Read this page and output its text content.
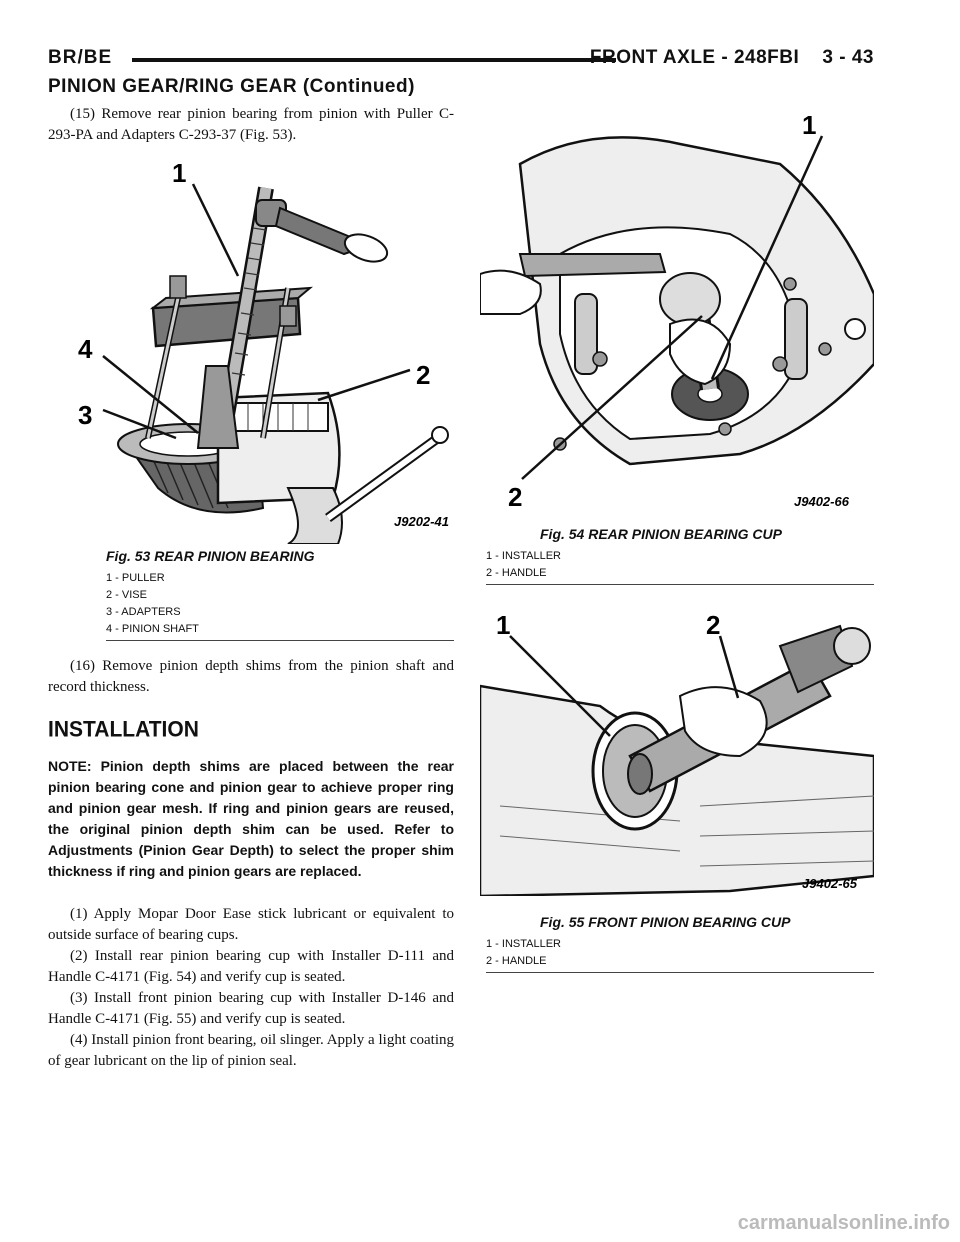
BR/BE	FRONT AXLE - 248FBI    3 - 43
PINION GEAR/RING GEAR (Continued)

(15) Remove rear pinion bearing from pinion with Puller C-293-PA and Adapters C-293-37 (Fig. 53).

1
2
3
4
J9202-41
Fig. 53 REAR PINION BEARING
1 - PULLER
2 - VISE
3 - ADAPTERS
4 - PINION SHAFT

(16) Remove pinion depth shims from the pinion shaft and record thickness.

INSTALLATION
NOTE: Pinion depth shims are placed between the rear pinion bearing cone and pinion gear to achieve proper ring and pinion gear mesh. If ring and pinion gears are reused, the original pinion depth shim can be used. Refer to Adjustments (Pinion Gear Depth) to select the proper shim thickness if ring and pinion gears are replaced.

(1) Apply Mopar Door Ease stick lubricant or equivalent to outside surface of bearing cups.

(2) Install rear pinion bearing cup with Installer D-111 and Handle C-4171 (Fig. 54) and verify cup is seated.

(3) Install front pinion bearing cup with Installer D-146 and Handle C-4171 (Fig. 55) and verify cup is seated.

(4) Install pinion front bearing, oil slinger. Apply a light coating of gear lubricant on the lip of pinion seal.

1
2	J9402-66
Fig. 54 REAR PINION BEARING CUP
1 - INSTALLER
2 - HANDLE
1	2
J9402-65
Fig. 55 FRONT PINION BEARING CUP
1 - INSTALLER
2 - HANDLE
carmanualsonline.info
